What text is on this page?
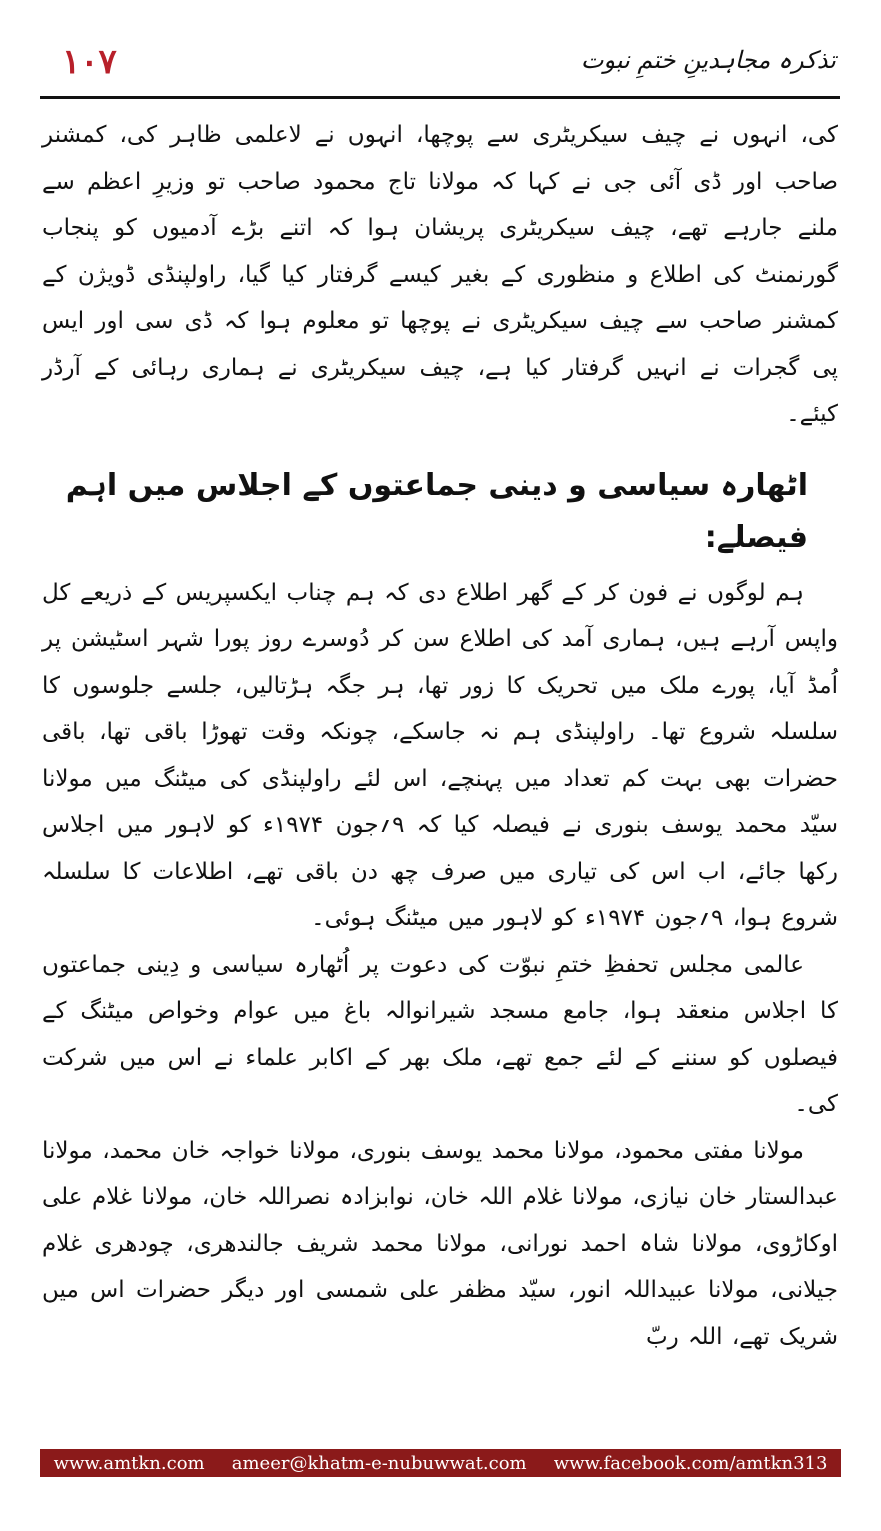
١٠٧	تذکرہ مجاہدینِ ختمِ نبوت

کی، انہوں نے چیف سیکریٹری سے پوچھا، انہوں نے لاعلمی ظاہر کی، کمشنر صاحب اور ڈی آئی جی نے کہا کہ مولانا تاج محمود صاحب تو وزیرِ اعظم سے ملنے جارہے تھے، چیف سیکریٹری پریشان ہوا کہ اتنے بڑے آدمیوں کو پنجاب گورنمنٹ کی اطلاع و منظوری کے بغیر کیسے گرفتار کیا گیا، راولپنڈی ڈویژن کے کمشنر صاحب سے چیف سیکریٹری نے پوچھا تو معلوم ہوا کہ ڈی سی اور ایس پی گجرات نے انہیں گرفتار کیا ہے، چیف سیکریٹری نے ہماری رہائی کے آرڈر کیئے۔

اٹھارہ سیاسی و دینی جماعتوں کے اجلاس میں اہم فیصلے:

ہم لوگوں نے فون کر کے گھر اطلاع دی کہ ہم چناب ایکسپریس کے ذریعے کل واپس آرہے ہیں، ہماری آمد کی اطلاع سن کر دُوسرے روز پورا شہر اسٹیشن پر اُمڈ آیا، پورے ملک میں تحریک کا زور تھا، ہر جگہ ہڑتالیں، جلسے جلوسوں کا سلسلہ شروع تھا۔ راولپنڈی ہم نہ جاسکے، چونکہ وقت تھوڑا باقی تھا، باقی حضرات بھی بہت کم تعداد میں پہنچے، اس لئے راولپنڈی کی میٹنگ میں مولانا سیّد محمد یوسف بنوری نے فیصلہ کیا کہ ۹؍جون ۱۹۷۴ء کو لاہور میں اجلاس رکھا جائے، اب اس کی تیاری میں صرف چھ دن باقی تھے، اطلاعات کا سلسلہ شروع ہوا، ۹؍جون ۱۹۷۴ء کو لاہور میں میٹنگ ہوئی۔

عالمی مجلس تحفظِ ختمِ نبوّت کی دعوت پر اُٹھارہ سیاسی و دِینی جماعتوں کا اجلاس منعقد ہوا، جامع مسجد شیرانوالہ باغ میں عوام وخواص میٹنگ کے فیصلوں کو سننے کے لئے جمع تھے، ملک بھر کے اکابر علماء نے اس میں شرکت کی۔

مولانا مفتی محمود، مولانا محمد یوسف بنوری، مولانا خواجہ خان محمد، مولانا عبدالستار خان نیازی، مولانا غلام اللہ خان، نوابزادہ نصراللہ خان، مولانا غلام علی اوکاڑوی، مولانا شاہ احمد نورانی، مولانا محمد شریف جالندھری، چودھری غلام جیلانی، مولانا عبیداللہ انور، سیّد مظفر علی شمسی اور دیگر حضرات اس میں شریک تھے، اللہ ربّ

www.amtkn.com ameer@khatm-e-nubuwwat.com www.facebook.com/amtkn313
